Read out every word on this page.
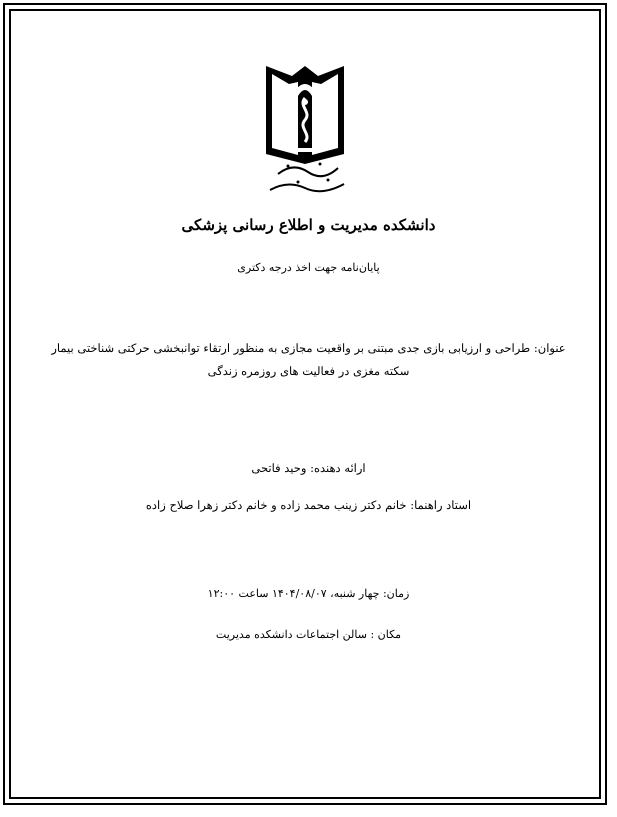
دانشکده مدیریت و اطلاع رسانی پزشکی
پایان‌نامه جهت اخذ درجه دکتری
عنوان: طراحی و ارزیابی بازی جدی مبتنی بر واقعیت مجازی به منظور ارتقاء توانبخشی حرکتی شناختی بیمار
سکته مغزی در فعالیت های روزمره زندگی
ارائه دهنده: وحید فاتحی
استاد راهنما: خانم دکتر زینب محمد زاده و خانم دکتر زهرا صلاح زاده
زمان: چهار شنبه، ۱۴۰۴/۰۸/۰۷ ساعت ۱۲:۰۰
مکان : سالن اجتماعات دانشکده مدیریت
